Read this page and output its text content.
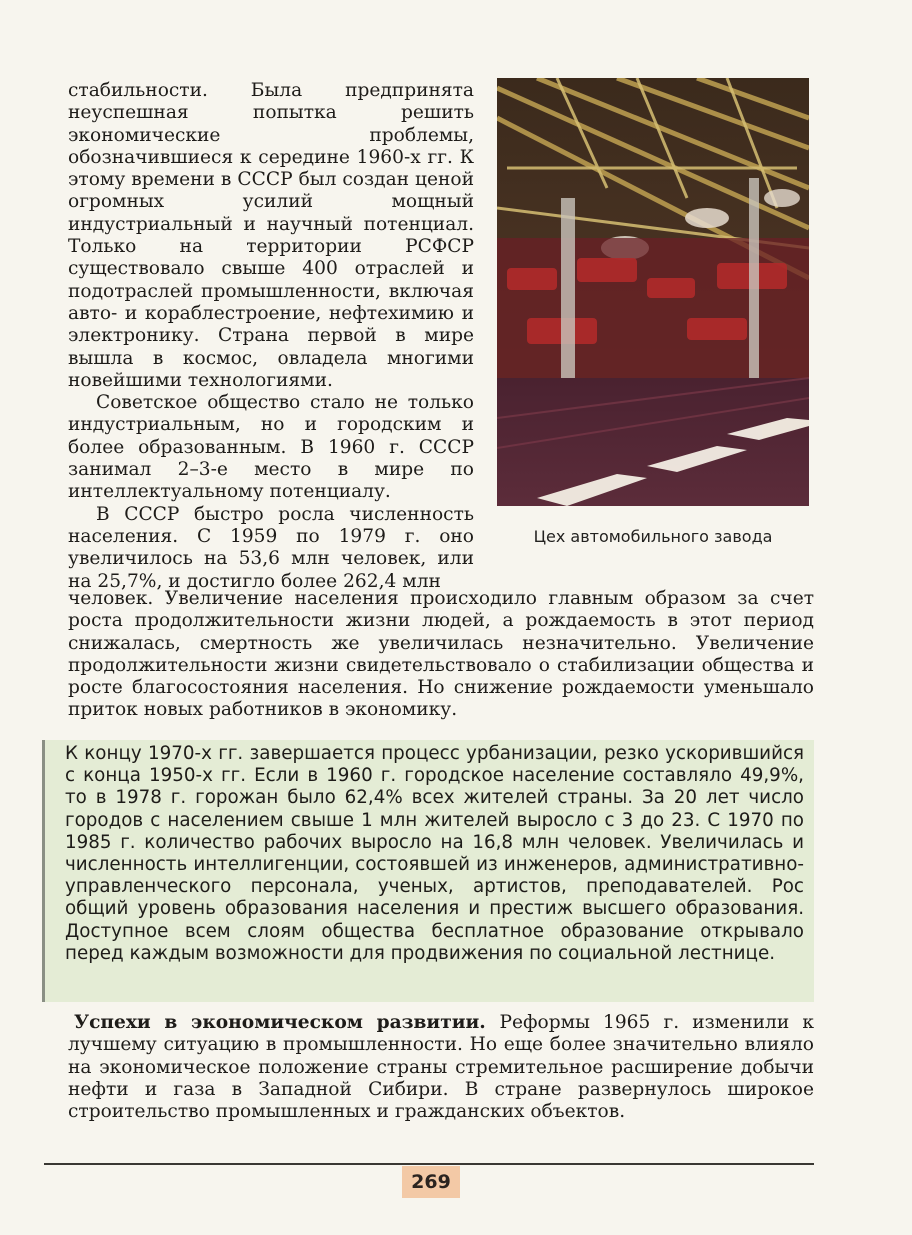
стабильности. Была предпринята неуспешная попытка решить экономические проблемы, обозначившиеся к середине 1960-х гг. К этому времени в СССР был создан ценой огромных усилий мощный индустриальный и научный потенциал. Только на территории РСФСР существовало свыше 400 отраслей и подотраслей промышленности, включая авто- и кораблестроение, нефтехимию и электронику. Страна первой в мире вышла в космос, овладела многими новейшими технологиями.

Советское общество стало не только индустриальным, но и городским и более образованным. В 1960 г. СССР занимал 2–3-е место в мире по интеллектуальному потенциалу.

В СССР быстро росла численность населения. С 1959 по 1979 г. оно увеличилось на 53,6 млн человек, или на 25,7%, и достигло более 262,4 млн

Цех автомобильного завода

человек. Увеличение населения происходило главным образом за счет роста продолжительности жизни людей, а рождаемость в этот период снижалась, смертность же увеличилась незначительно. Увеличение продолжительности жизни свидетельствовало о стабилизации общества и росте благосостояния населения. Но снижение рождаемости уменьшало приток новых работников в экономику.

К концу 1970-х гг. завершается процесс урбанизации, резко ускорившийся с конца 1950-х гг. Если в 1960 г. городское население составляло 49,9%, то в 1978 г. горожан было 62,4% всех жителей страны. За 20 лет число городов с населением свыше 1 млн жителей выросло с 3 до 23. С 1970 по 1985 г. количество рабочих выросло на 16,8 млн человек. Увеличилась и численность интеллигенции, состоявшей из инженеров, административно-управленческого персонала, ученых, артистов, преподавателей. Рос общий уровень образования населения и престиж высшего образования. Доступное всем слоям общества бесплатное образование открывало перед каждым возможности для продвижения по социальной лестнице.

Успехи в экономическом развитии. Реформы 1965 г. изменили к лучшему ситуацию в промышленности. Но еще более значительно влияло на экономическое положение страны стремительное расширение добычи нефти и газа в Западной Сибири. В стране развернулось широкое строительство промышленных и гражданских объектов.

269
